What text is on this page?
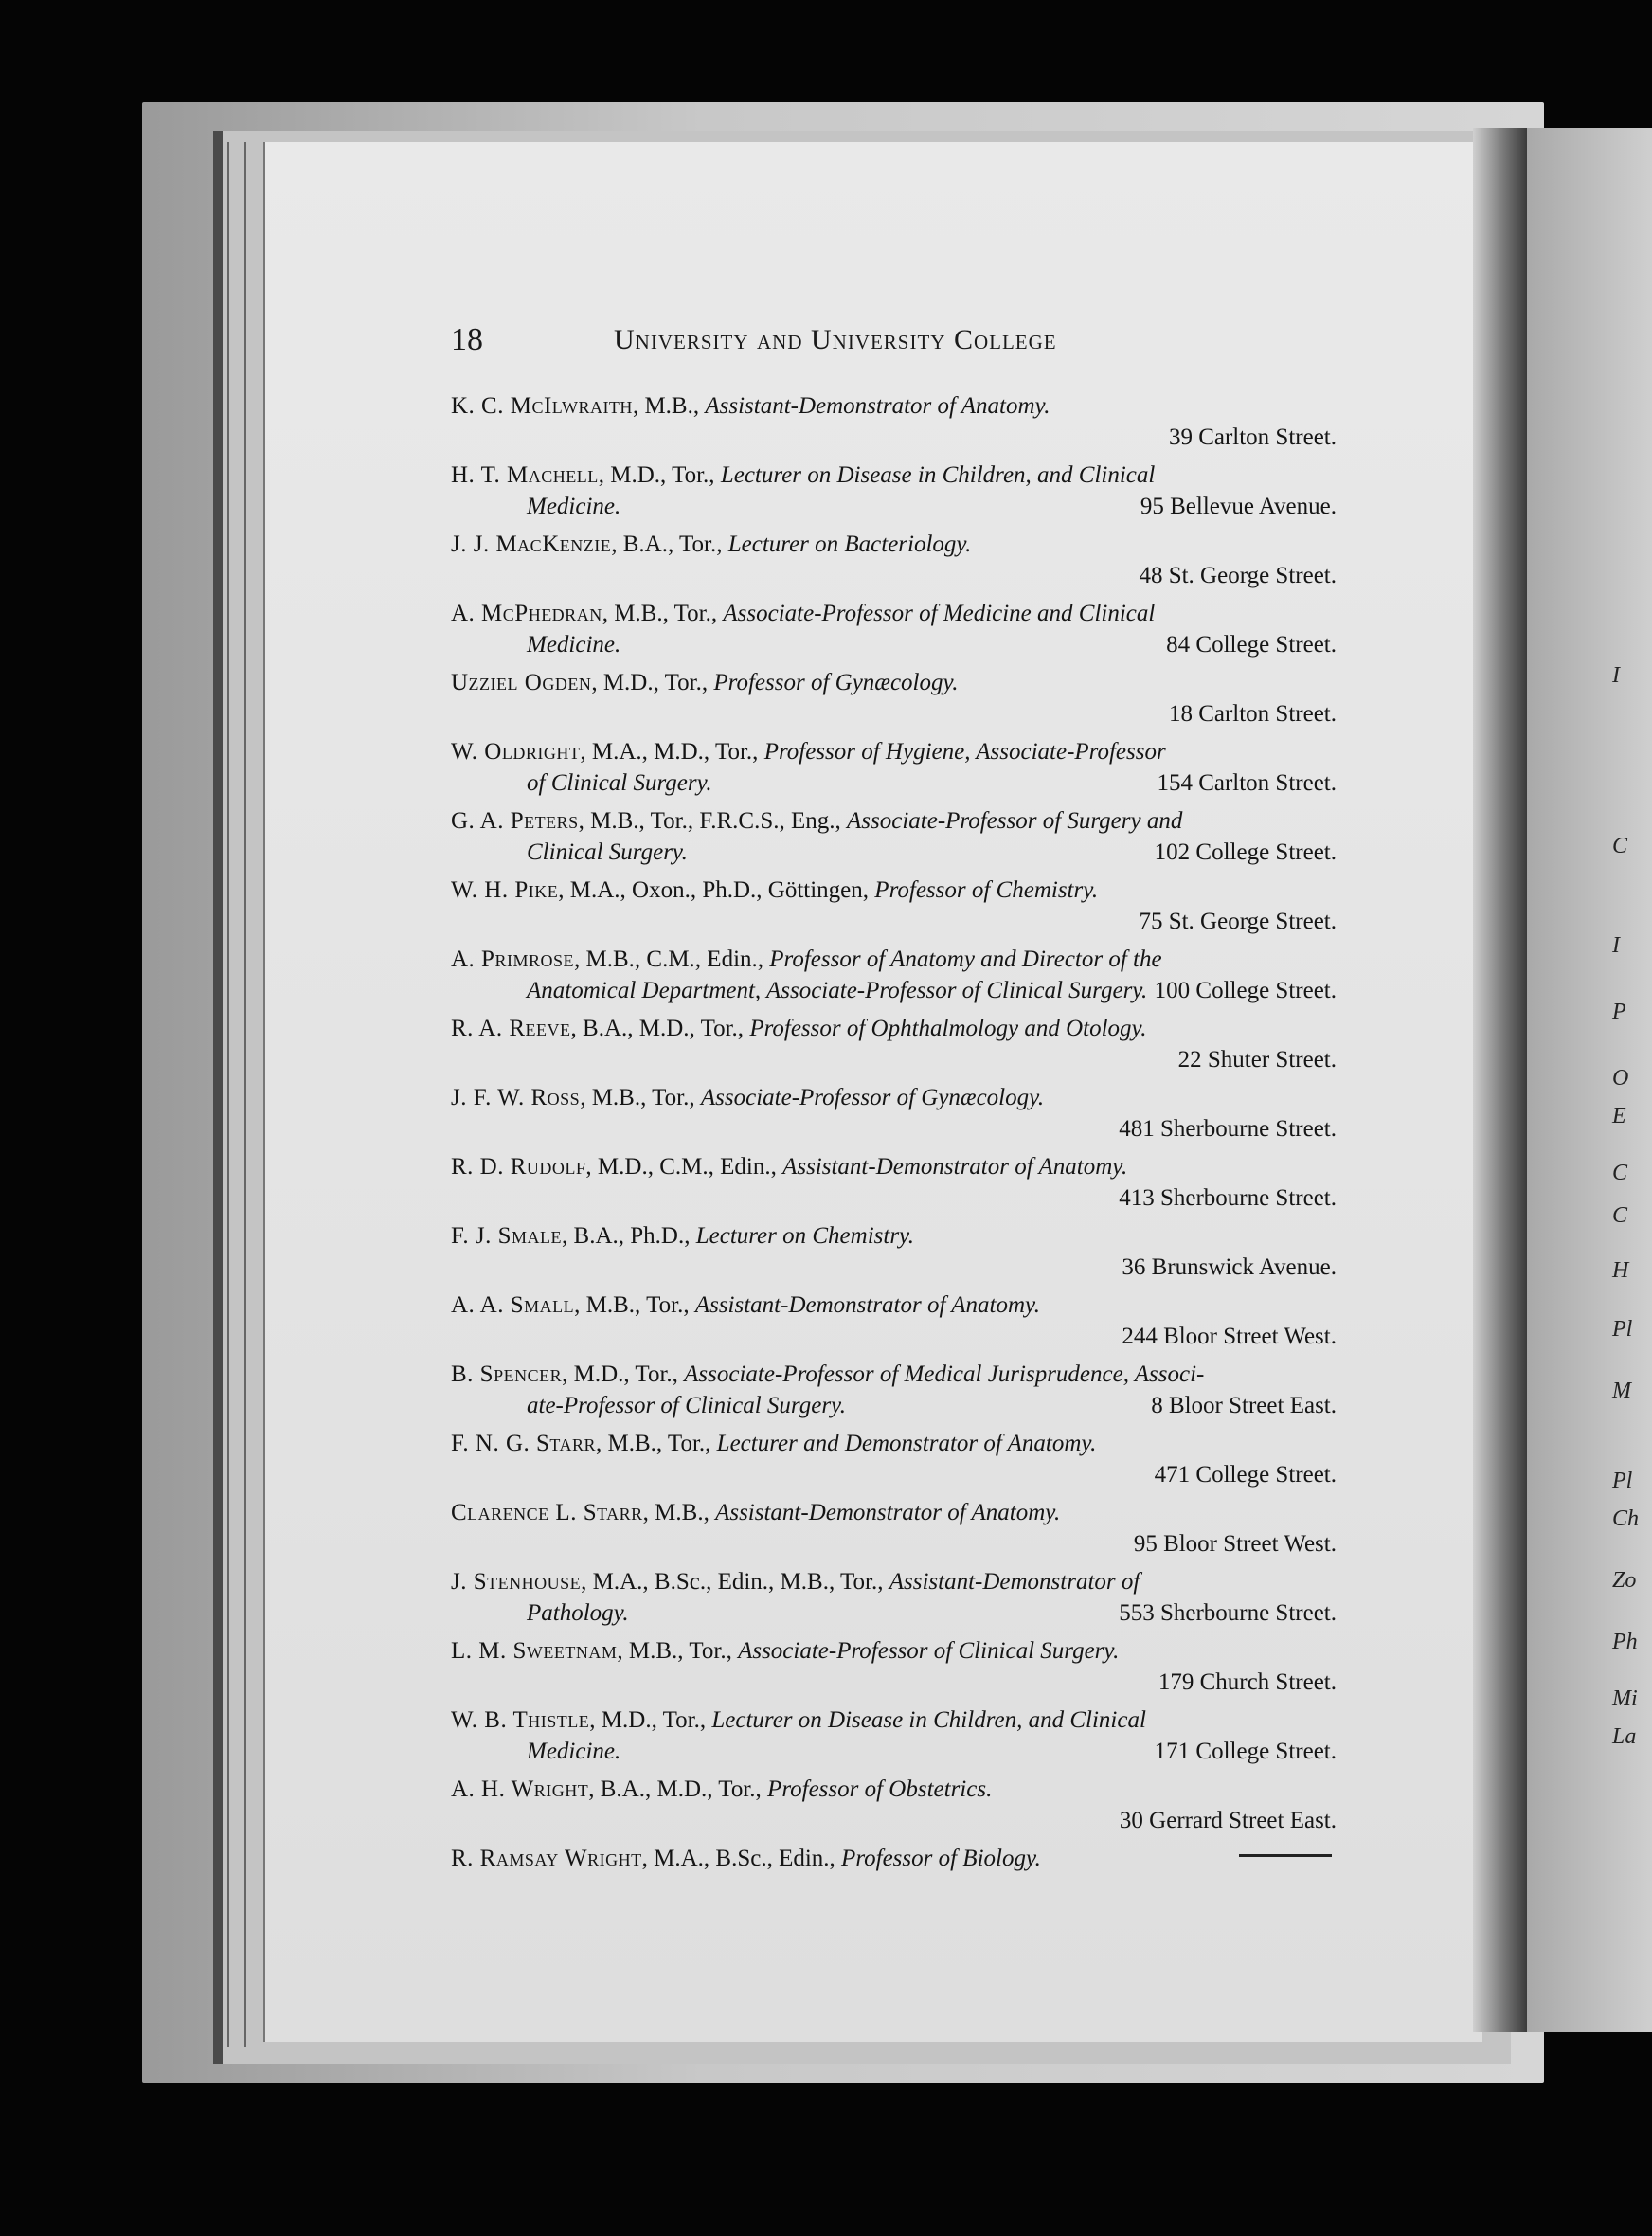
I
C
I
P
O
E
C
C
H
Pl
M
Pl
Ch
Zo
Ph
Mi
La
18	University and University College
K. C. McIlwraith, M.B., Assistant-Demonstrator of Anatomy.
39 Carlton Street.
H. T. Machell, M.D., Tor., Lecturer on Disease in Children, and Clinical
Medicine.	95 Bellevue Avenue.
J. J. MacKenzie, B.A., Tor., Lecturer on Bacteriology.
48 St. George Street.
A. McPhedran, M.B., Tor., Associate-Professor of Medicine and Clinical
Medicine.	84 College Street.
Uzziel Ogden, M.D., Tor., Professor of Gynæcology.
18 Carlton Street.
W. Oldright, M.A., M.D., Tor., Professor of Hygiene, Associate-Professor
of Clinical Surgery.	154 Carlton Street.
G. A. Peters, M.B., Tor., F.R.C.S., Eng., Associate-Professor of Surgery and
Clinical Surgery.	102 College Street.
W. H. Pike, M.A., Oxon., Ph.D., Göttingen, Professor of Chemistry.
75 St. George Street.
A. Primrose, M.B., C.M., Edin., Professor of Anatomy and Director of the
Anatomical Department, Associate-Professor of Clinical Surgery. 100 College Street.
R. A. Reeve, B.A., M.D., Tor., Professor of Ophthalmology and Otology.
22 Shuter Street.
J. F. W. Ross, M.B., Tor., Associate-Professor of Gynæcology.
481 Sherbourne Street.
R. D. Rudolf, M.D., C.M., Edin., Assistant-Demonstrator of Anatomy.
413 Sherbourne Street.
F. J. Smale, B.A., Ph.D., Lecturer on Chemistry.
36 Brunswick Avenue.
A. A. Small, M.B., Tor., Assistant-Demonstrator of Anatomy.
244 Bloor Street West.
B. Spencer, M.D., Tor., Associate-Professor of Medical Jurisprudence, Associ-
ate-Professor of Clinical Surgery.	8 Bloor Street East.
F. N. G. Starr, M.B., Tor., Lecturer and Demonstrator of Anatomy.
471 College Street.
Clarence L. Starr, M.B., Assistant-Demonstrator of Anatomy.
95 Bloor Street West.
J. Stenhouse, M.A., B.Sc., Edin., M.B., Tor., Assistant-Demonstrator of
Pathology.	553 Sherbourne Street.
L. M. Sweetnam, M.B., Tor., Associate-Professor of Clinical Surgery.
179 Church Street.
W. B. Thistle, M.D., Tor., Lecturer on Disease in Children, and Clinical
Medicine.	171 College Street.
A. H. Wright, B.A., M.D., Tor., Professor of Obstetrics.
30 Gerrard Street East.
R. Ramsay Wright, M.A., B.Sc., Edin., Professor of Biology.
